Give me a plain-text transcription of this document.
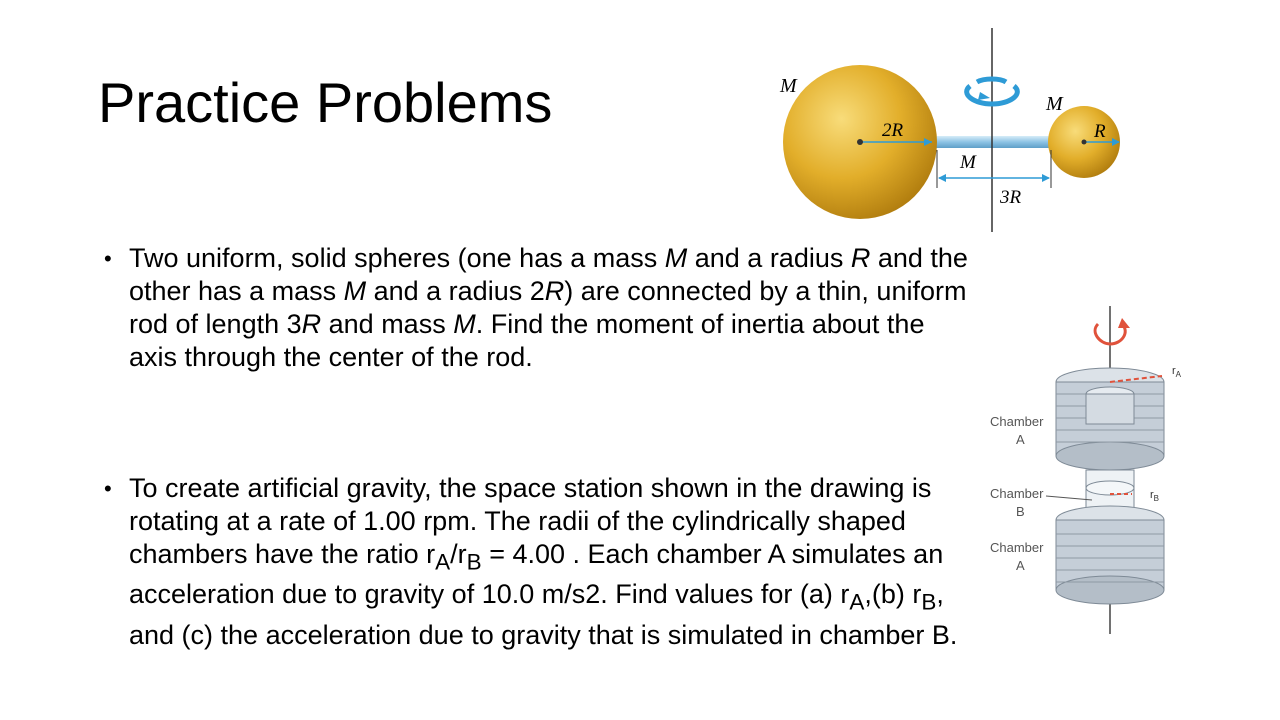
Practice Problems	M
M
2R	R
M
3R
Chamber
A
Chamber
B
Chamber
A
$r_A$
$r_B$
• Two uniform, solid spheres (one has a mass M and a radius R and the other has a mass M and a radius 2R) are connected by a thin, uniform rod of length 3R and mass M. Find the moment of inertia about the axis through the center of the rod.
• To create artificial gravity, the space station shown in the drawing is rotating at a rate of 1.00 rpm. The radii of the cylindrically shaped chambers have the ratio $r_A/r_B = 4.00$ . Each chamber A simulates an acceleration due to gravity of 10.0 m/s2. Find values for (a) $r_A,(b)$ $r_B$, and (c) the acceleration due to gravity that is simulated in chamber B.
